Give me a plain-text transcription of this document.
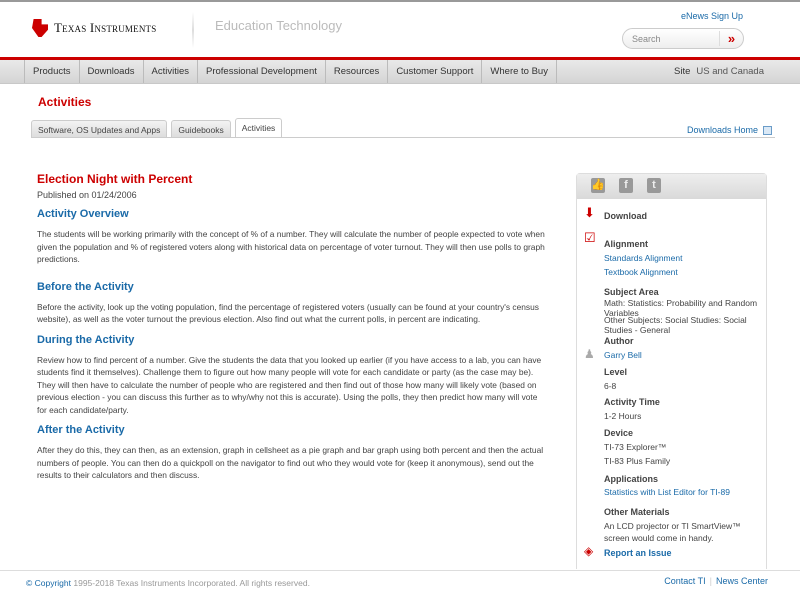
Texas Instruments	Education Technology
eNews Sign Up
Search	»
Products	Downloads	Activities	Professional Development	Resources	Customer Support	Where to Buy	Site US and Canada
Activities
Software, OS Updates and Apps	Guidebooks	Activities	Downloads Home
Election Night with Percent
Published on 01/24/2006
Activity Overview

The students will be working primarily with the concept of % of a number. They will calculate the number of people expected to vote when given the population and % of registered voters along with historical data on percentage of voter turnout. They will then use polls to graph predictions.

Before the Activity

Before the activity, look up the voting population, find the percentage of registered voters (usually can be found at your country's census website), as well as the voter turnout the previous election. Also find out what the current polls, in percent are indicating.

During the Activity

Review how to find percent of a number. Give the students the data that you looked up earlier (if you have access to a lab, you can have students find it themselves). Challenge them to figure out how many people will vote for each candidate or party (as the case may be).

They will then have to calculate the number of people who are registered and then find out of those how many will likely vote (based on previous election - you can discuss this further as to why/why not this is accurate). Using the polls, they then predict how many will vote for each candidate/party.

After the Activity

After they do this, they can then, as an extension, graph in cellsheet as a pie graph and bar graph using both percent and then the actual numbers of people. You can then do a quickpoll on the navigator to find out who they would vote for (keep it anonymous), send out the results to their calculators and then discuss.

👍	f	t
⬇ Download
☑ Alignment
Standards Alignment
Textbook Alignment
Subject Area
Math: Statistics: Probability and Random Variables
Other Subjects: Social Studies: Social Studies - General
Author
♟ Garry Bell
Level
6-8
Activity Time
1-2 Hours
Device
TI-73 Explorer™
TI-83 Plus Family
Applications
Statistics with List Editor for TI-89
Other Materials
An LCD projector or TI SmartView™ screen would come in handy.
◈ Report an Issue
© Copyright 1995-2018 Texas Instruments Incorporated. All rights reserved.	Contact TI | News Center
